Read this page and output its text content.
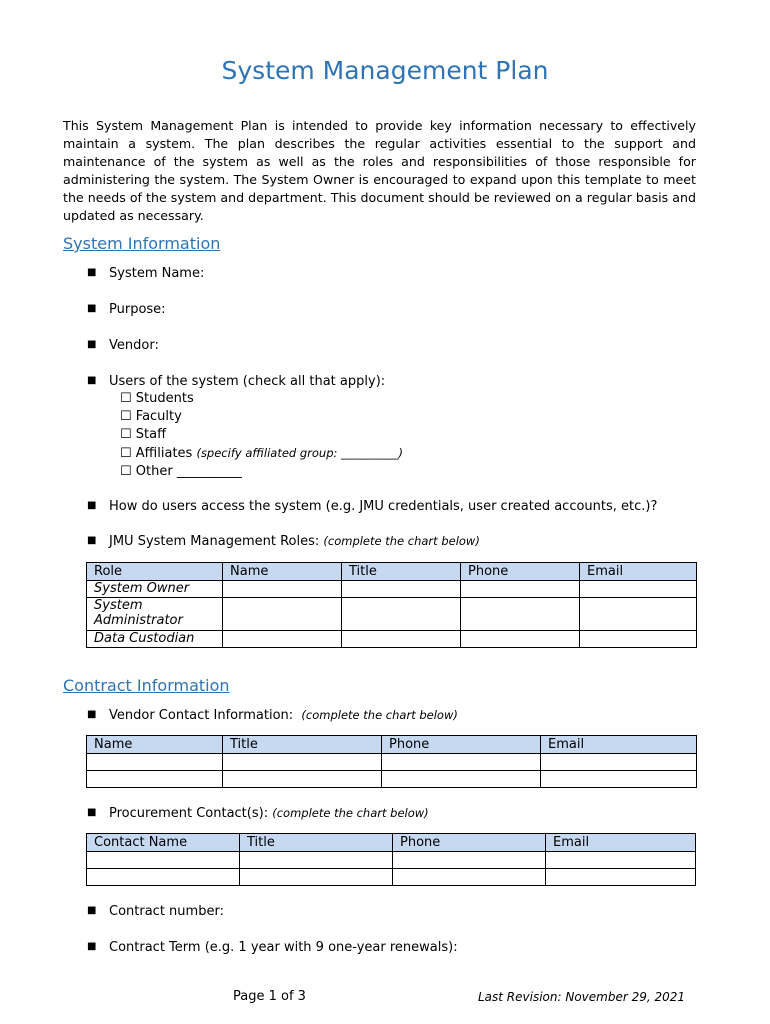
System Management Plan
This System Management Plan is intended to provide key information necessary to effectively maintain a system. The plan describes the regular activities essential to the support and maintenance of the system as well as the roles and responsibilities of those responsible for administering the system. The System Owner is encouraged to expand upon this template to meet the needs of the system and department. This document should be reviewed on a regular basis and updated as necessary.
System Information
■ System Name:
■ Purpose:
■ Vendor:
■ Users of the system (check all that apply):
☐ Students
☐ Faculty
☐ Staff
☐ Affiliates (specify affiliated group: __________)
☐ Other __________
■ How do users access the system (e.g. JMU credentials, user created accounts, etc.)?
■ JMU System Management Roles: (complete the chart below)
Role	Name	Title	Phone	Email
System Owner				
System Administrator				
Data Custodian				
Contract Information
■ Vendor Contact Information: (complete the chart below)
Name	Title	Phone	Email

■ Procurement Contact(s): (complete the chart below)
Contact Name	Title	Phone	Email

■ Contract number:
■ Contract Term (e.g. 1 year with 9 one-year renewals):
Page 1 of 3	Last Revision: November 29, 2021
